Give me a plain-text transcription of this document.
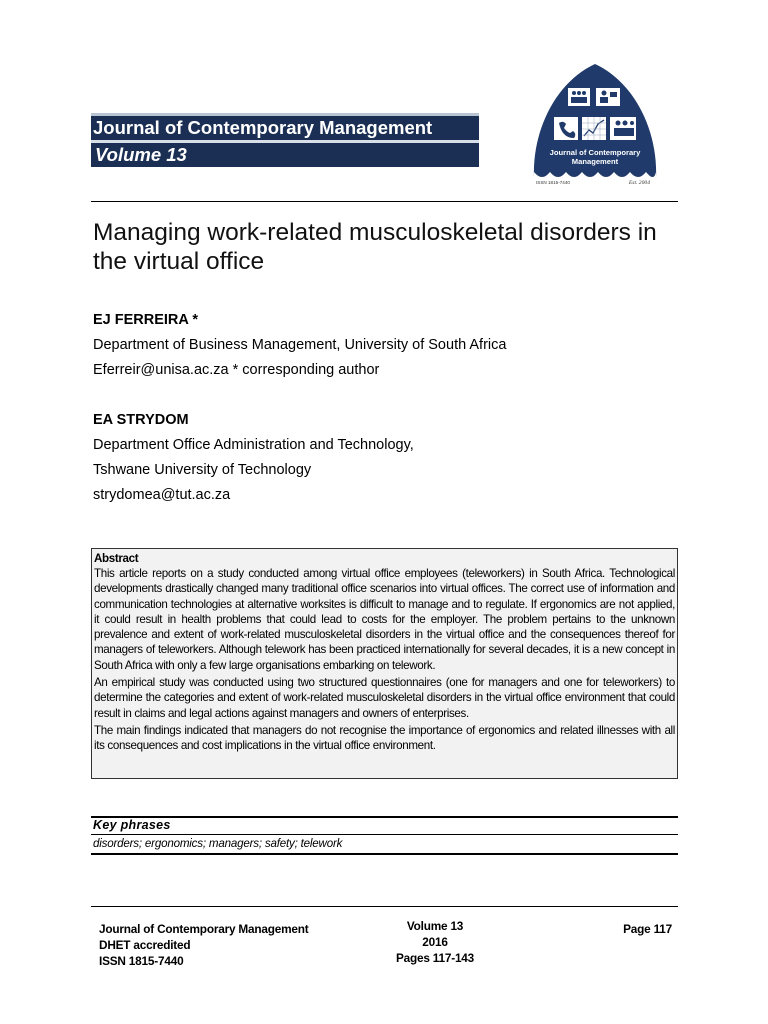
Journal of Contemporary Management
Volume 13	Journal of Contemporary
Management
ISSN 1815-7440	Est. 2004
Managing work-related musculoskeletal disorders in the virtual office
EJ FERREIRA *
Department of Business Management, University of South Africa
Eferreir@unisa.ac.za * corresponding author
EA STRYDOM
Department Office Administration and Technology,
Tshwane University of Technology
strydomea@tut.ac.za
Abstract

This article reports on a study conducted among virtual office employees (teleworkers) in South Africa. Technological developments drastically changed many traditional office scenarios into virtual offices. The correct use of information and communication technologies at alternative worksites is difficult to manage and to regulate. If ergonomics are not applied, it could result in health problems that could lead to costs for the employer. The problem pertains to the unknown prevalence and extent of work-related musculoskeletal disorders in the virtual office and the consequences thereof for managers of teleworkers. Although telework has been practiced internationally for several decades, it is a new concept in South Africa with only a few large organisations embarking on telework.

An empirical study was conducted using two structured questionnaires (one for managers and one for teleworkers) to determine the categories and extent of work-related musculoskeletal disorders in the virtual office environment that could result in claims and legal actions against managers and owners of enterprises.

The main findings indicated that managers do not recognise the importance of ergonomics and related illnesses with all its consequences and cost implications in the virtual office environment.

Key phrases
disorders; ergonomics; managers; safety; telework
Journal of Contemporary Management
DHET accredited
ISSN 1815-7440
Volume 13
2016
Pages 117-143
Page 117
